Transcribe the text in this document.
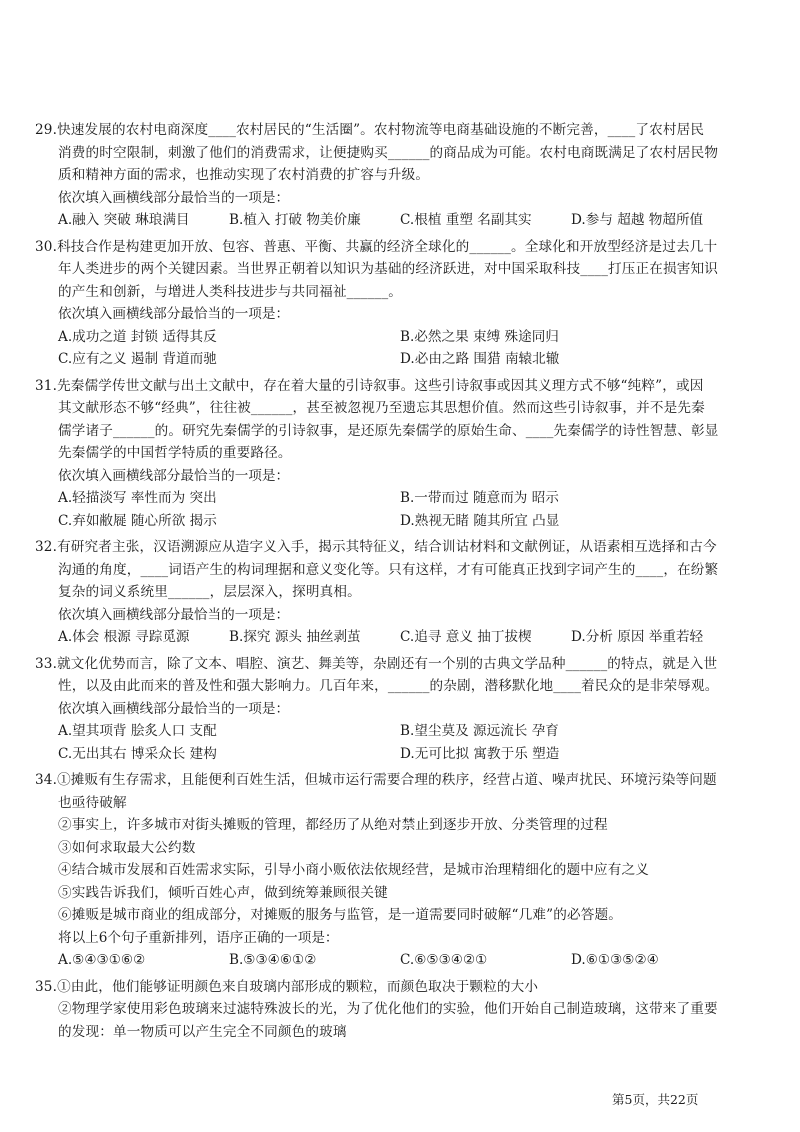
29.快速发展的农村电商深度____农村居民的“生活圈”。农村物流等电商基础设施的不断完善，____了农村居民
消费的时空限制，刺激了他们的消费需求，让便捷购买______的商品成为可能。农村电商既满足了农村居民物
质和精神方面的需求，也推动实现了农村消费的扩容与升级。
依次填入画横线部分最恰当的一项是：
A.融入 突破 琳琅满目	B.植入 打破 物美价廉	C.根植 重塑 名副其实	D.参与 超越 物超所值
30.科技合作是构建更加开放、包容、普惠、平衡、共赢的经济全球化的______。全球化和开放型经济是过去几十
年人类进步的两个关键因素。当世界正朝着以知识为基础的经济跃进，对中国采取科技____打压正在损害知识
的产生和创新，与增进人类科技进步与共同福祉______。
依次填入画横线部分最恰当的一项是：
A.成功之道 封锁 适得其反	B.必然之果 束缚 殊途同归
C.应有之义 遏制 背道而驰	D.必由之路 围猎 南辕北辙
31.先秦儒学传世文献与出土文献中，存在着大量的引诗叙事。这些引诗叙事或因其义理方式不够“纯粹”，或因
其文献形态不够“经典”，往往被______，甚至被忽视乃至遗忘其思想价值。然而这些引诗叙事，并不是先秦
儒学诸子______的。研究先秦儒学的引诗叙事，是还原先秦儒学的原始生命、____先秦儒学的诗性智慧、彰显
先秦儒学的中国哲学特质的重要路径。
依次填入画横线部分最恰当的一项是：
A.轻描淡写 率性而为 突出	B.一带而过 随意而为 昭示
C.弃如敝屣 随心所欲 揭示	D.熟视无睹 随其所宜 凸显
32.有研究者主张，汉语溯源应从造字义入手，揭示其特征义，结合训诂材料和文献例证，从语素相互选择和古今
沟通的角度，____词语产生的构词理据和意义变化等。只有这样，才有可能真正找到字词产生的____，在纷繁
复杂的词义系统里______，层层深入，探明真相。
依次填入画横线部分最恰当的一项是：
A.体会 根源 寻踪觅源	B.探究 源头 抽丝剥茧	C.追寻 意义 抽丁拔楔	D.分析 原因 举重若轻
33.就文化优势而言，除了文本、唱腔、演艺、舞美等，杂剧还有一个别的古典文学品种______的特点，就是入世
性，以及由此而来的普及性和强大影响力。几百年来，______的杂剧，潜移默化地____着民众的是非荣辱观。
依次填入画横线部分最恰当的一项是：
A.望其项背 脍炙人口 支配	B.望尘莫及 源远流长 孕育
C.无出其右 博采众长 建构	D.无可比拟 寓教于乐 塑造
34.①摊贩有生存需求，且能便利百姓生活，但城市运行需要合理的秩序，经营占道、噪声扰民、环境污染等问题
也亟待破解
②事实上，许多城市对街头摊贩的管理，都经历了从绝对禁止到逐步开放、分类管理的过程
③如何求取最大公约数
④结合城市发展和百姓需求实际，引导小商小贩依法依规经营，是城市治理精细化的题中应有之义
⑤实践告诉我们，倾听百姓心声，做到统筹兼顾很关键
⑥摊贩是城市商业的组成部分，对摊贩的服务与监管，是一道需要同时破解“几难”的必答题。
将以上6个句子重新排列，语序正确的一项是：
A.⑤④③①⑥②	B.⑤③④⑥①②	C.⑥⑤③④②①	D.⑥①③⑤②④
35.①由此，他们能够证明颜色来自玻璃内部形成的颗粒，而颜色取决于颗粒的大小
②物理学家使用彩色玻璃来过滤特殊波长的光，为了优化他们的实验，他们开始自己制造玻璃，这带来了重要
的发现：单一物质可以产生完全不同颜色的玻璃
第5页，共22页
